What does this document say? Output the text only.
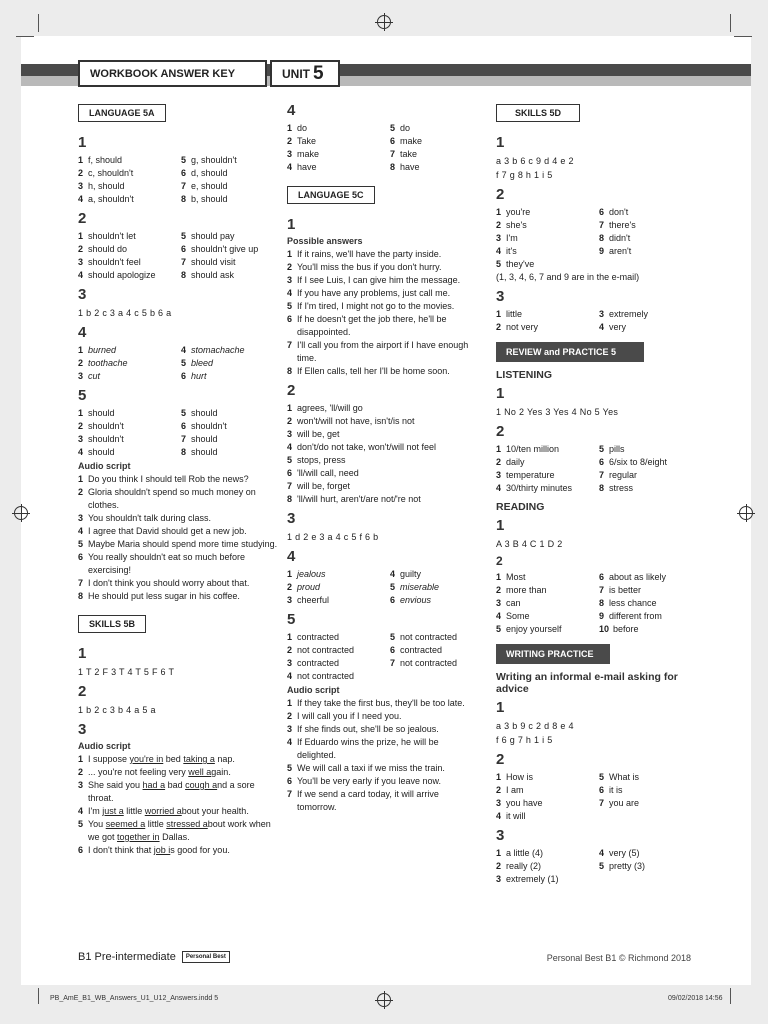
WORKBOOK ANSWER KEY	UNIT 5
LANGUAGE 5A
1
1 f, should	5 g, shouldn't
2 c, shouldn't	6 d, should
3 h, should	7 e, should
4 a, shouldn't	8 b, should
2
1 shouldn't let	5 should pay
2 should do	6 shouldn't give up
3 shouldn't feel	7 should visit
4 should apologize	8 should ask
3
1 b 2 c 3 a 4 c 5 b 6 a
4
1 burned	4 stomachache
2 toothache	5 bleed
3 cut	6 hurt
5
1 should	5 should
2 shouldn't	6 shouldn't
3 shouldn't	7 should
4 should	8 should
Audio script
1 Do you think I should tell Rob the news?
2 Gloria shouldn't spend so much money on clothes.
3 You shouldn't talk during class.
4 I agree that David should get a new job.
5 Maybe Maria should spend more time studying.
6 You really shouldn't eat so much before exercising!
7 I don't think you should worry about that.
8 He should put less sugar in his coffee.
SKILLS 5B
1
1 T 2 F 3 T 4 T 5 F 6 T
2
1 b 2 c 3 b 4 a 5 a
3
Audio script
1 I suppose you're in bed taking a nap.
2 ... you're not feeling very well again.
3 She said you had a bad cough and a sore throat.
4 I'm just a little worried about your health.
5 You seemed a little stressed about work when we got together in Dallas.
6 I don't think that job is good for you.
4
1 do	5 do
2 Take	6 make
3 make	7 take
4 have	8 have
LANGUAGE 5C
1
Possible answers
1 If it rains, we'll have the party inside.
2 You'll miss the bus if you don't hurry.
3 If I see Luis, I can give him the message.
4 If you have any problems, just call me.
5 If I'm tired, I might not go to the movies.
6 If he doesn't get the job there, he'll be disappointed.
7 I'll call you from the airport if I have enough time.
8 If Ellen calls, tell her I'll be home soon.
2
1 agrees, 'll/will go
2 won't/will not have, isn't/is not
3 will be, get
4 don't/do not take, won't/will not feel
5 stops, press
6 'll/will call, need
7 will be, forget
8 'll/will hurt, aren't/are not/'re not
3
1 d 2 e 3 a 4 c 5 f 6 b
4
1 jealous	4 guilty
2 proud	5 miserable
3 cheerful	6 envious
5
1 contracted	5 not contracted
2 not contracted	6 contracted
3 contracted	7 not contracted
4 not contracted
Audio script
1 If they take the first bus, they'll be too late.
2 I will call you if I need you.
3 If she finds out, she'll be so jealous.
4 If Eduardo wins the prize, he will be delighted.
5 We will call a taxi if we miss the train.
6 You'll be very early if you leave now.
7 If we send a card today, it will arrive tomorrow.
SKILLS 5D
1
a 3 b 6 c 9 d 4 e 2
f 7 g 8 h 1 i 5
2
1 you're	6 don't
2 she's	7 there's
3 I'm	8 didn't
4 it's	9 aren't
5 they've
(1, 3, 4, 6, 7 and 9 are in the e-mail)
3
1 little	3 extremely
2 not very	4 very
REVIEW and PRACTICE 5
LISTENING
1
1 No 2 Yes 3 Yes 4 No 5 Yes
2
1 10/ten million	5 pills
2 daily	6 6/six to 8/eight
3 temperature	7 regular
4 30/thirty minutes	8 stress
READING
1
A 3 B 4 C 1 D 2
2
1 Most	6 about as likely
2 more than	7 is better
3 can	8 less chance
4 Some	9 different from
5 enjoy yourself	10 before
WRITING PRACTICE
Writing an informal e-mail asking for advice
1
a 3 b 9 c 2 d 8 e 4
f 6 g 7 h 1 i 5
2
1 How is	5 What is
2 I am	6 it is
3 you have	7 you are
4 it will
3
1 a little (4)	4 very (5)
2 really (2)	5 pretty (3)
3 extremely (1)
B1 Pre-intermediate	Personal Best	Personal Best B1 © Richmond 2018
PB_AmE_B1_WB_Answers_U1_U12_Answers.indd 5	09/02/2018 14:56
